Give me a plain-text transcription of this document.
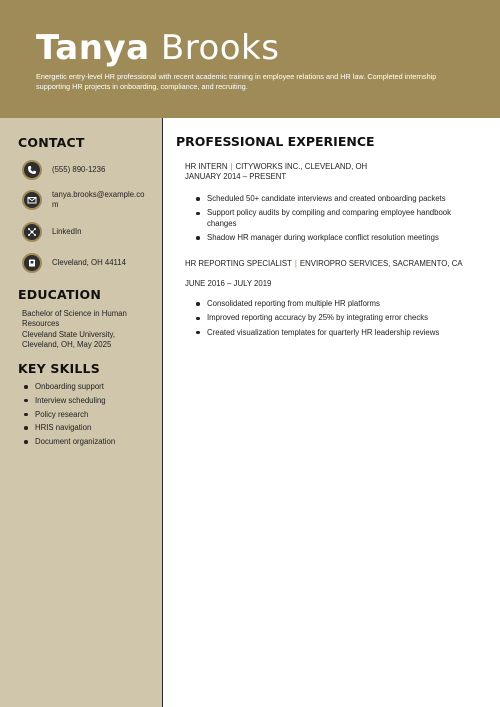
Tanya Brooks
Energetic entry-level HR professional with recent academic training in employee relations and HR law. Completed internship supporting HR projects in onboarding, compliance, and recruiting.
CONTACT
(555) 890-1236
tanya.brooks@example.com
LinkedIn
Cleveland, OH 44114
EDUCATION
Bachelor of Science in Human Resources
Cleveland State University, Cleveland, OH, May 2025
KEY SKILLS
Onboarding support
Interview scheduling
Policy research
HRIS navigation
Document organization
PROFESSIONAL EXPERIENCE
HR INTERN | CITYWORKS INC., CLEVELAND, OH
JANUARY 2014 – PRESENT
Scheduled 50+ candidate interviews and created onboarding packets
Support policy audits by compiling and comparing employee handbook changes
Shadow HR manager during workplace conflict resolution meetings
HR REPORTING SPECIALIST | ENVIROPRO SERVICES, SACRAMENTO, CA
JUNE 2016 – JULY 2019
Consolidated reporting from multiple HR platforms
Improved reporting accuracy by 25% by integrating error checks
Created visualization templates for quarterly HR leadership reviews
